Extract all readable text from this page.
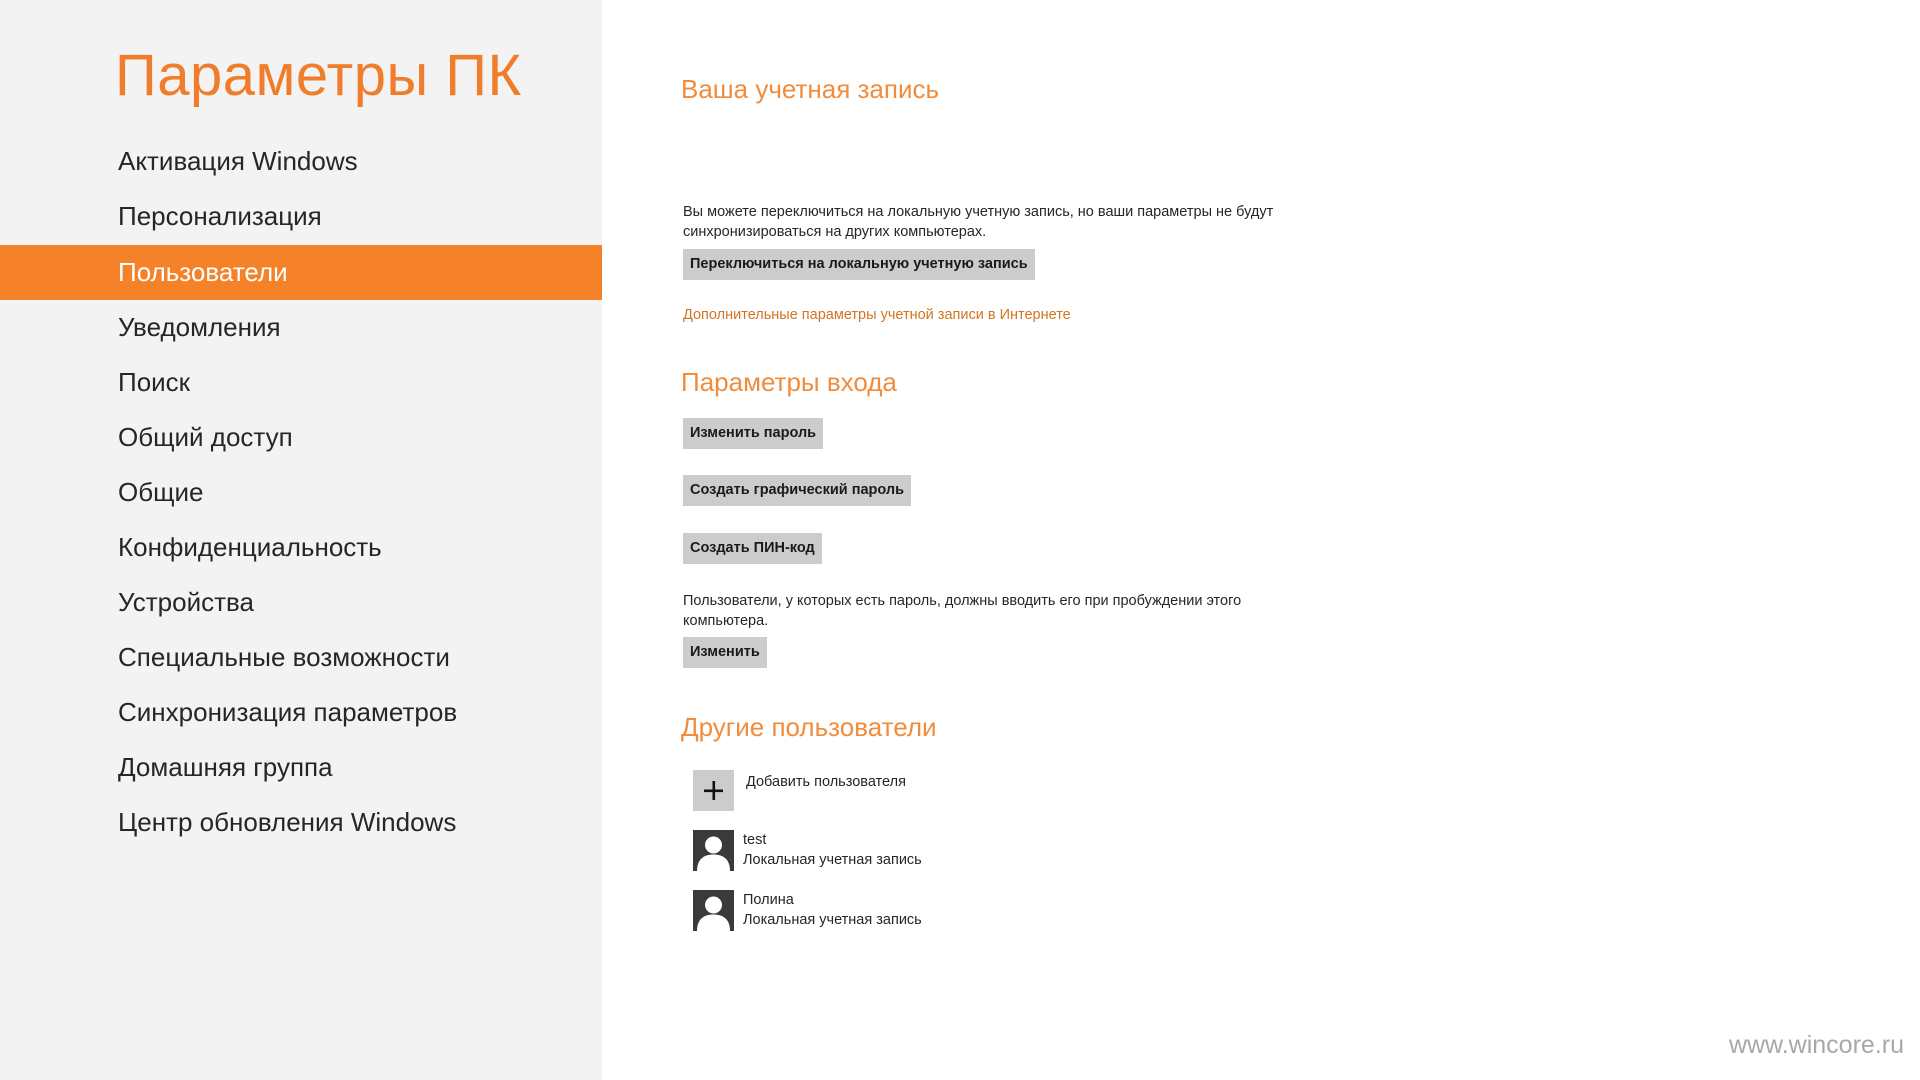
Параметры ПК
Активация Windows
Персонализация
Пользователи
Уведомления
Поиск
Общий доступ
Общие
Конфиденциальность
Устройства
Специальные возможности
Синхронизация параметров
Домашняя группа
Центр обновления Windows
Ваша учетная запись
Вы можете переключиться на локальную учетную запись, но ваши параметры не будут синхронизироваться на других компьютерах.
Переключиться на локальную учетную запись
Дополнительные параметры учетной записи в Интернете
Параметры входа
Изменить пароль
Создать графический пароль
Создать ПИН-код
Пользователи, у которых есть пароль, должны вводить его при пробуждении этого компьютера.
Изменить
Другие пользователи
Добавить пользователя
test
Локальная учетная запись
Полина
Локальная учетная запись
www.wincore.ru
